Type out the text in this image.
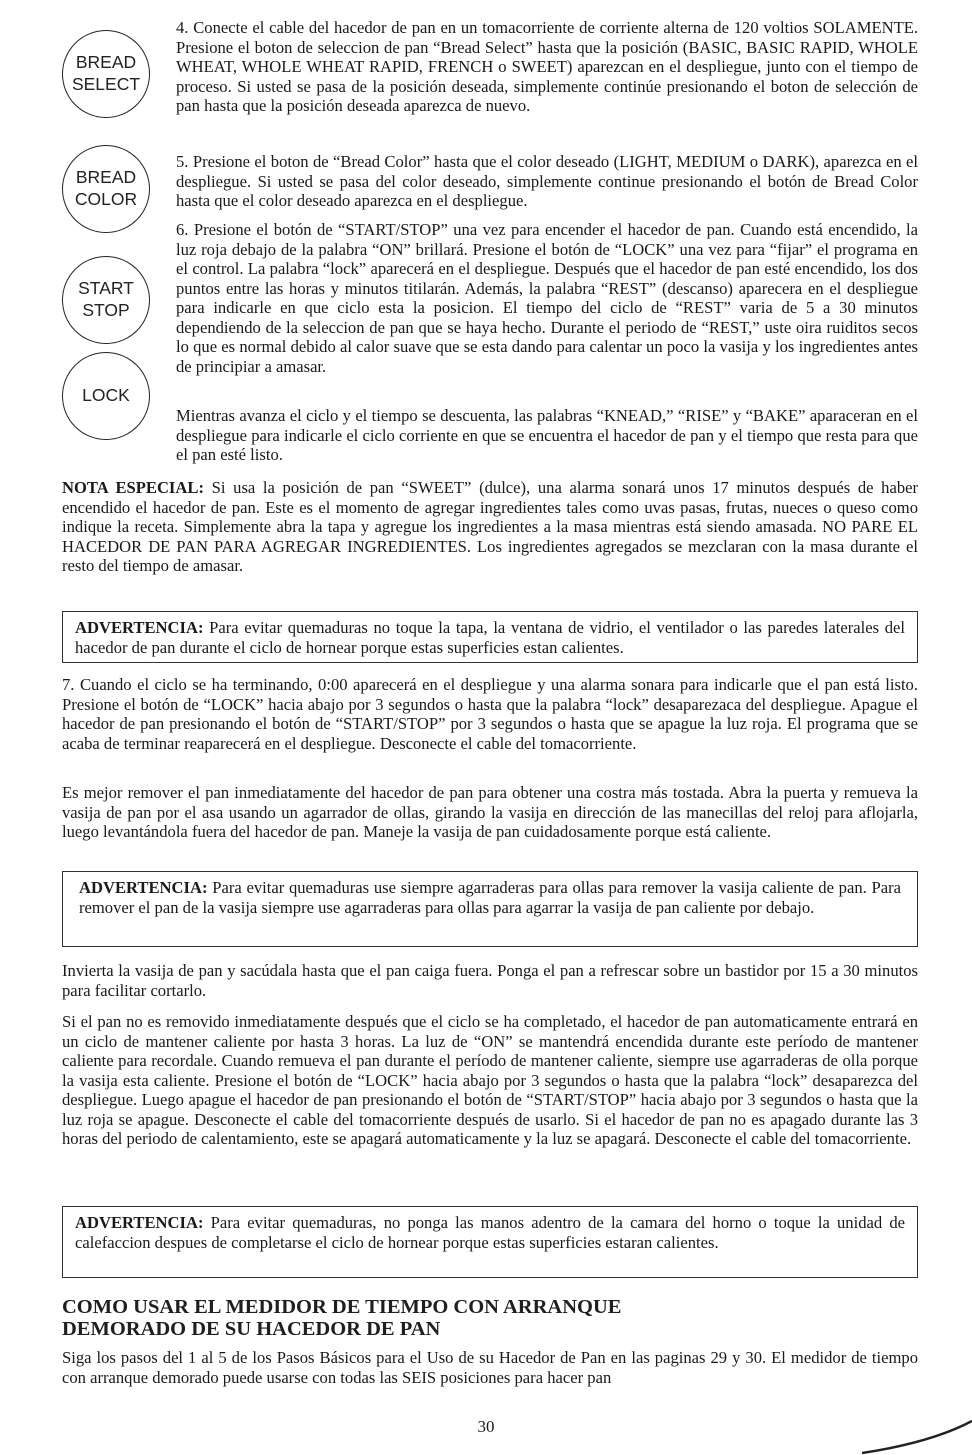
BREAD
SELECT
BREAD
COLOR
START
STOP
LOCK

4. Conecte el cable del hacedor de pan en un tomacorriente de corriente alterna de 120 voltios SOLAMENTE. Presione el boton de seleccion de pan “Bread Select” hasta que la posición (BASIC, BASIC RAPID, WHOLE WHEAT, WHOLE WHEAT RAPID, FRENCH o SWEET) aparezcan en el despliegue, junto con el tiempo de proceso. Si usted se pasa de la posición deseada, simplemente continúe presionando el boton de selección de pan hasta que la posición deseada aparezca de nuevo.

5. Presione el boton de “Bread Color” hasta que el color deseado (LIGHT, MEDIUM o DARK), aparezca en el despliegue. Si usted se pasa del color deseado, simplemente continue presionando el botón de Bread Color hasta que el color deseado aparezca en el despliegue.

6. Presione el botón de “START/STOP” una vez para encender el hacedor de pan. Cuando está encendido, la luz roja debajo de la palabra “ON” brillará. Presione el botón de “LOCK” una vez para “fijar” el programa en el control. La palabra “lock” aparecerá en el despliegue. Después que el hacedor de pan esté encendido, los dos puntos entre las horas y minutos titilarán. Además, la palabra “REST” (descanso) aparecera en el despliegue para indicarle en que ciclo esta la posicion. El tiempo del ciclo de “REST” varia de 5 a 30 minutos dependiendo de la seleccion de pan que se haya hecho. Durante el periodo de “REST,” uste oira ruiditos secos lo que es normal debido al calor suave que se esta dando para calentar un poco la vasija y los ingredientes antes de principiar a amasar.

Mientras avanza el ciclo y el tiempo se descuenta, las palabras “KNEAD,” “RISE” y “BAKE” aparaceran en el despliegue para indicarle el ciclo corriente en que se encuentra el hacedor de pan y el tiempo que resta para que el pan esté listo.

NOTA ESPECIAL: Si usa la posición de pan “SWEET” (dulce), una alarma sonará unos 17 minutos después de haber encendido el hacedor de pan. Este es el momento de agregar ingredientes tales como uvas pasas, frutas, nueces o queso como indique la receta. Simplemente abra la tapa y agregue los ingredientes a la masa mientras está siendo amasada. NO PARE EL HACEDOR DE PAN PARA AGREGAR INGREDIENTES. Los ingredientes agregados se mezclaran con la masa durante el resto del tiempo de amasar.

ADVERTENCIA: Para evitar quemaduras no toque la tapa, la ventana de vidrio, el ventilador o las paredes laterales del hacedor de pan durante el ciclo de hornear porque estas superficies estan calientes.

7. Cuando el ciclo se ha terminando, 0:00 aparecerá en el despliegue y una alarma sonara para indicarle que el pan está listo. Presione el botón de “LOCK” hacia abajo por 3 segundos o hasta que la palabra “lock” desaparezaca del despliegue. Apague el hacedor de pan presionando el botón de “START/STOP” por 3 segundos o hasta que se apague la luz roja. El programa que se acaba de terminar reaparecerá en el despliegue. Desconecte el cable del tomacorriente.

Es mejor remover el pan inmediatamente del hacedor de pan para obtener una costra más tostada. Abra la puerta y remueva la vasija de pan por el asa usando un agarrador de ollas, girando la vasija en dirección de las manecillas del reloj para aflojarla, luego levantándola fuera del hacedor de pan. Maneje la vasija de pan cuidadosamente porque está caliente.

ADVERTENCIA: Para evitar quemaduras use siempre agarraderas para ollas para remover la vasija caliente de pan. Para remover el pan de la vasija siempre use agarraderas para ollas para agarrar la vasija de pan caliente por debajo.

Invierta la vasija de pan y sacúdala hasta que el pan caiga fuera. Ponga el pan a refrescar sobre un bastidor por 15 a 30 minutos para facilitar cortarlo.

Si el pan no es removido inmediatamente después que el ciclo se ha completado, el hacedor de pan automaticamente entrará en un ciclo de mantener caliente por hasta 3 horas. La luz de “ON” se mantendrá encendida durante este período de mantener caliente para recordale. Cuando remueva el pan durante el período de mantener caliente, siempre use agarraderas de olla porque la vasija esta caliente. Presione el botón de “LOCK” hacia abajo por 3 segundos o hasta que la palabra “lock” desaparezca del despliegue. Luego apague el hacedor de pan presionando el botón de “START/STOP” hacia abajo por 3 segundos o hasta que la luz roja se apague. Desconecte el cable del tomacorriente después de usarlo. Si el hacedor de pan no es apagado durante las 3 horas del periodo de calentamiento, este se apagará automaticamente y la luz se apagará. Desconecte el cable del tomacorriente.

ADVERTENCIA: Para evitar quemaduras, no ponga las manos adentro de la camara del horno o toque la unidad de calefaccion despues de completarse el ciclo de hornear porque estas superficies estaran calientes.
COMO USAR EL MEDIDOR DE TIEMPO CON ARRANQUE
DEMORADO DE SU HACEDOR DE PAN

Siga los pasos del 1 al 5 de los Pasos Básicos para el Uso de su Hacedor de Pan en las paginas 29 y 30. El medidor de tiempo con arranque demorado puede usarse con todas las SEIS posiciones para hacer pan

30
